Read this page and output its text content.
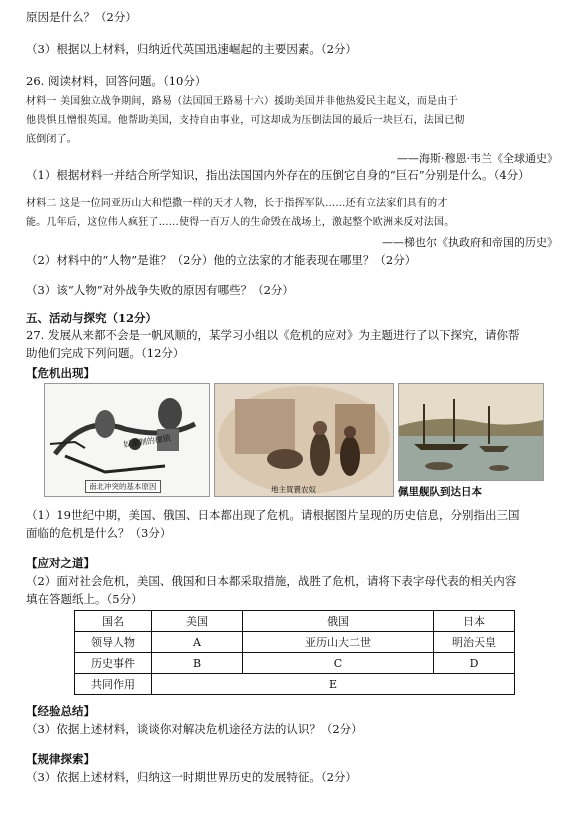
原因是什么？（2分）
（3）根据以上材料，归纳近代英国迅速崛起的主要因素。（2分）
26. 阅读材料，回答问题。（10分）
材料一 美国独立战争期间，路易（法国国王路易十六）援助美国并非他热爱民主起义，而是由于
他畏惧且憎恨英国。他帮助美国，支持自由事业，可这却成为压倒法国的最后一块巨石，法国已彻
底倒闭了。
——海斯·穆恩·韦兰《全球通史》
（1）根据材料一并结合所学知识，指出法国国内外存在的压倒它自身的“巨石”分别是什么。（4分）
材料二 这是一位同亚历山大和恺撒一样的天才人物，长于指挥军队……还有立法家们具有的才
能。几年后，这位伟人疯狂了……使得一百万人的生命毁在战场上，激起整个欧洲来反对法国。
——梯也尔《执政府和帝国的历史》
（2）材料中的“人物”是谁？（2分）他的立法家的才能表现在哪里？（2分）
（3）该“人物”对外战争失败的原因有哪些？（2分）
五、活动与探究（12分）
27. 发展从来都不会是一帆风顺的，某学习小组以《危机的应对》为主题进行了以下探究，请你帮
助他们完成下列问题。（12分）
【危机出现】
奴隶制的枷锁
南北冲突的基本原因	地主買賣农奴	佩里舰队到达日本
（1）19世纪中期，美国、俄国、日本都出现了危机。请根据图片呈现的历史信息，分别指出三国
面临的危机是什么？（3分）
【应对之道】
（2）面对社会危机，美国、俄国和日本都采取措施，战胜了危机，请将下表字母代表的相关内容
填在答题纸上。（5分）
国名	美国	俄国	日本
领导人物	A	亚历山大二世	明治天皇
历史事件	B	C	D
共同作用	E		
【经验总结】
（3）依据上述材料，谈谈你对解决危机途径方法的认识？（2分）
【规律探索】
（3）依据上述材料，归纳这一时期世界历史的发展特征。（2分）
